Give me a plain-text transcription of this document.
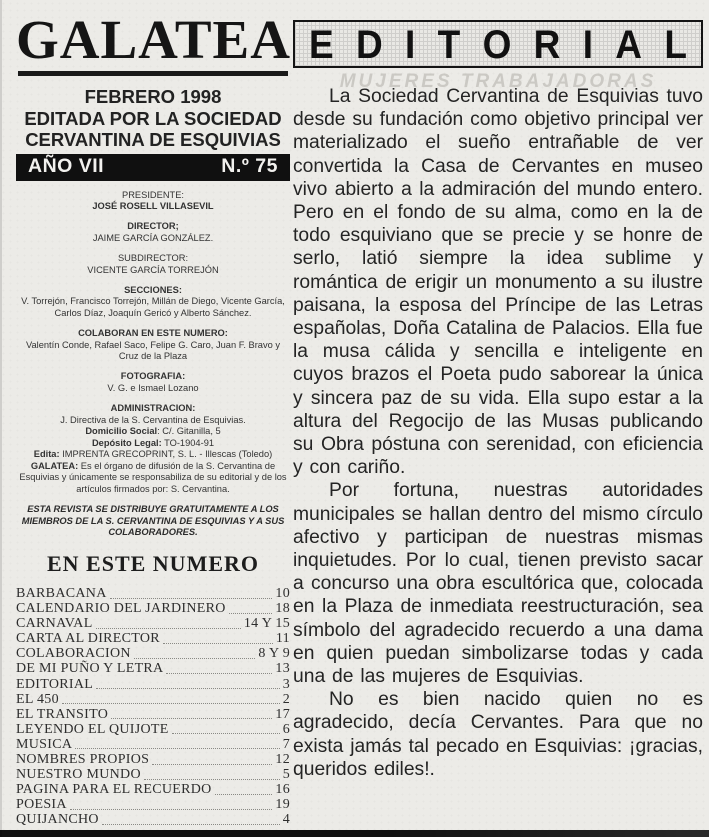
GALATEA
FEBRERO 1998
EDITADA POR LA SOCIEDAD
CERVANTINA DE ESQUIVIAS
AÑO VII	N.º 75
PRESIDENTE:
JOSÉ ROSELL VILLASEVIL
DIRECTOR;
JAIME GARCÍA GONZÁLEZ.
SUBDIRECTOR:
VICENTE GARCÍA TORREJÓN
SECCIONES:
V. Torrejón, Francisco Torrejón, Millán de Diego, Vicente García, Carlos Díaz, Joaquín Gericó y Alberto Sánchez.
COLABORAN EN ESTE NUMERO:
Valentín Conde, Rafael Saco, Felipe G. Caro, Juan F. Bravo y Cruz de la Plaza
FOTOGRAFIA:
V. G. e Ismael Lozano
ADMINISTRACION:
J. Directiva de la S. Cervantina de Esquivias.
Domicilio Social: C/. Gitanilla, 5
Depósito Legal: TO-1904-91
Edita: IMPRENTA GRECOPRINT, S. L. - Illescas (Toledo)
GALATEA: Es el órgano de difusión de la S. Cervantina de Esquivias y únicamente se responsabiliza de su editorial y de los artículos firmados por: S. Cervantina.
ESTA REVISTA SE DISTRIBUYE GRATUITAMENTE A LOS MIEMBROS DE LA S. CERVANTINA DE ESQUIVIAS Y A SUS COLABORADORES.
EN ESTE NUMERO
BARBACANA	10
CALENDARIO DEL JARDINERO	18
CARNAVAL	14 Y 15
CARTA AL DIRECTOR	11
COLABORACION	8 Y 9
DE MI PUÑO Y LETRA	13
EDITORIAL	3
EL 450	2
EL TRANSITO	17
LEYENDO EL QUIJOTE	6
MUSICA	7
NOMBRES PROPIOS	12
NUESTRO MUNDO	5
PAGINA PARA EL RECUERDO	16
POESIA	19
QUIJANCHO	4
E D I T O R I A L
MUJERES TRABAJADORAS

La Sociedad Cervantina de Esquivias tuvo desde su fundación como objetivo principal ver materializado el sueño entrañable de ver convertida la Casa de Cervantes en museo vivo abierto a la admiración del mundo entero. Pero en el fondo de su alma, como en la de todo esquiviano que se precie y se honre de serlo, latió siempre la idea sublime y romántica de erigir un monumento a su ilustre paisana, la esposa del Príncipe de las Letras españolas, Doña Catalina de Palacios. Ella fue la musa cálida y sencilla e inteligente en cuyos brazos el Poeta pudo saborear la única y sincera paz de su vida. Ella supo estar a la altura del Regocijo de las Musas publicando su Obra póstuna con serenidad, con eficiencia y con cariño.

Por fortuna, nuestras autoridades municipales se hallan dentro del mismo círculo afectivo y participan de nuestras mismas inquietudes. Por lo cual, tienen previsto sacar a concurso una obra escultórica que, colocada en la Plaza de inmediata reestructuración, sea símbolo del agradecido recuerdo a una dama en quien puedan simbolizarse todas y cada una de las mujeres de Esquivias.

No es bien nacido quien no es agradecido, decía Cervantes. Para que no exista jamás tal pecado en Esquivias: ¡gracias, queridos ediles!.
